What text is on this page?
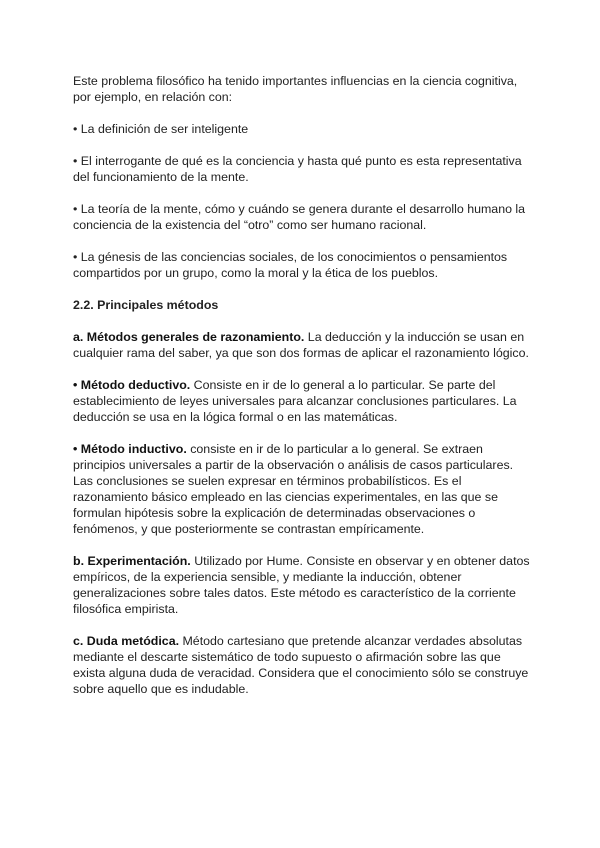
Este problema filosófico ha tenido importantes influencias en la ciencia cognitiva, por ejemplo, en relación con:

• La definición de ser inteligente

• El interrogante de qué es la conciencia y hasta qué punto es esta representativa del funcionamiento de la mente.

• La teoría de la mente, cómo y cuándo se genera durante el desarrollo humano la conciencia de la existencia del “otro” como ser humano racional.

• La génesis de las conciencias sociales, de los conocimientos o pensamientos compartidos por un grupo, como la moral y la ética de los pueblos.

2.2. Principales métodos

a. Métodos generales de razonamiento. La deducción y la inducción se usan en cualquier rama del saber, ya que son dos formas de aplicar el razonamiento lógico.

• Método deductivo. Consiste en ir de lo general a lo particular. Se parte del establecimiento de leyes universales para alcanzar conclusiones particulares. La deducción se usa en la lógica formal o en las matemáticas.

• Método inductivo. consiste en ir de lo particular a lo general. Se extraen principios universales a partir de la observación o análisis de casos particulares. Las conclusiones se suelen expresar en términos probabilísticos. Es el razonamiento básico empleado en las ciencias experimentales, en las que se formulan hipótesis sobre la explicación de determinadas observaciones o fenómenos, y que posteriormente se contrastan empíricamente.

b. Experimentación. Utilizado por Hume. Consiste en observar y en obtener datos empíricos, de la experiencia sensible, y mediante la inducción, obtener generalizaciones sobre tales datos. Este método es característico de la corriente filosófica empirista.

c. Duda metódica. Método cartesiano que pretende alcanzar verdades absolutas mediante el descarte sistemático de todo supuesto o afirmación sobre las que exista alguna duda de veracidad. Considera que el conocimiento sólo se construye sobre aquello que es indudable.
